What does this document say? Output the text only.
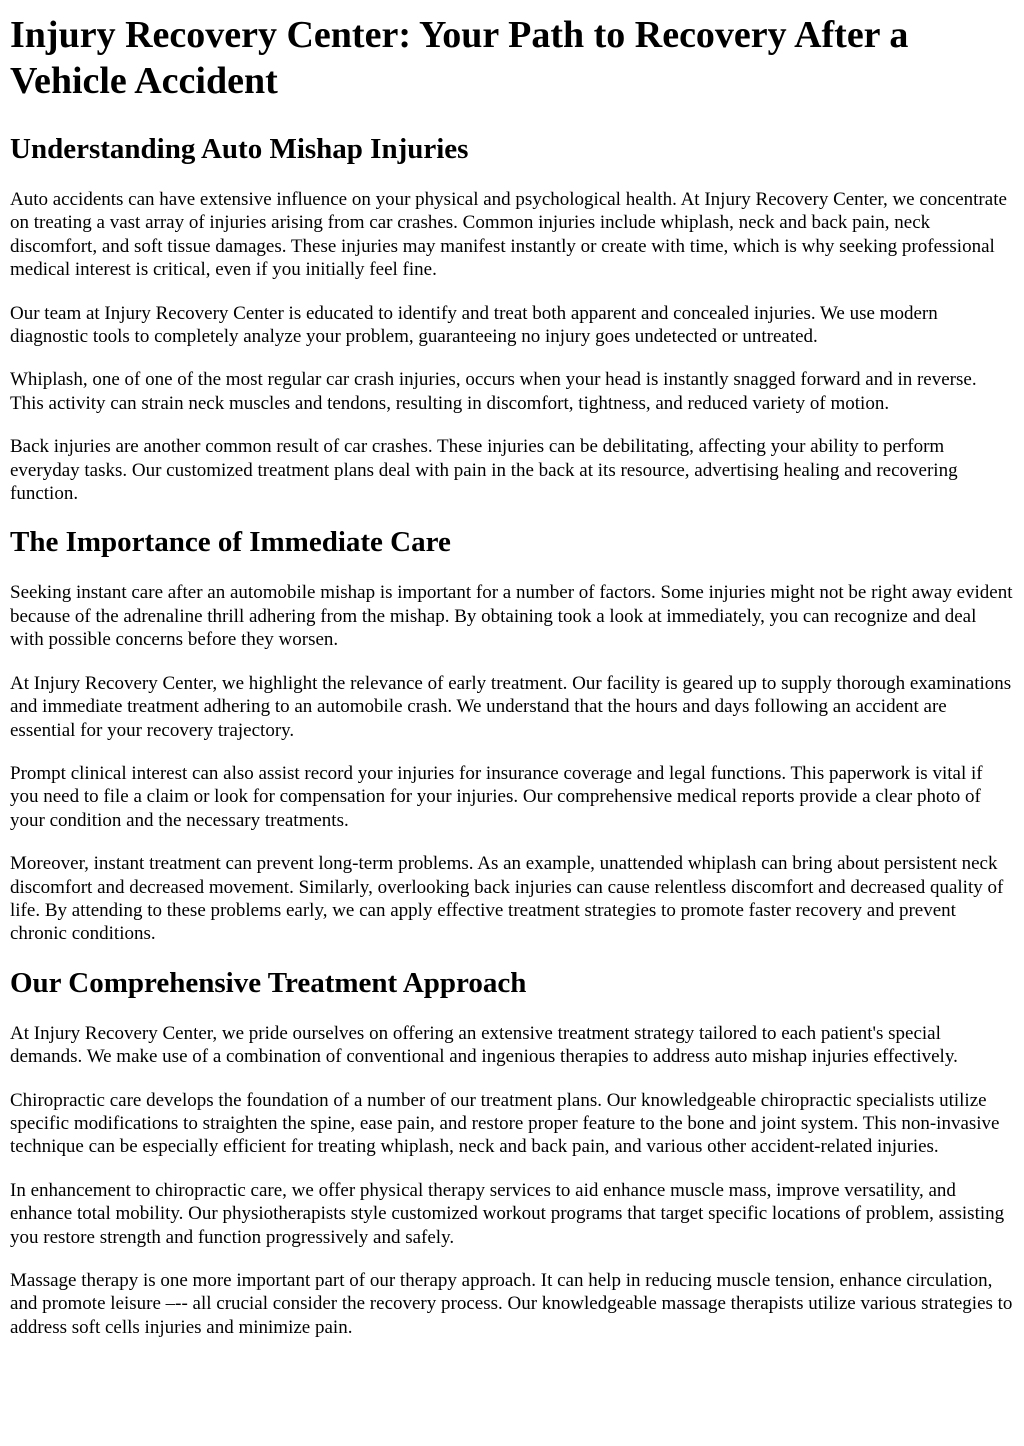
Injury Recovery Center: Your Path to Recovery After a Vehicle Accident
Understanding Auto Mishap Injuries

Auto accidents can have extensive influence on your physical and psychological health. At Injury Recovery Center, we concentrate on treating a vast array of injuries arising from car crashes. Common injuries include whiplash, neck and back pain, neck discomfort, and soft tissue damages. These injuries may manifest instantly or create with time, which is why seeking professional medical interest is critical, even if you initially feel fine.

Our team at Injury Recovery Center is educated to identify and treat both apparent and concealed injuries. We use modern diagnostic tools to completely analyze your problem, guaranteeing no injury goes undetected or untreated.

Whiplash, one of one of the most regular car crash injuries, occurs when your head is instantly snagged forward and in reverse. This activity can strain neck muscles and tendons, resulting in discomfort, tightness, and reduced variety of motion.

Back injuries are another common result of car crashes. These injuries can be debilitating, affecting your ability to perform everyday tasks. Our customized treatment plans deal with pain in the back at its resource, advertising healing and recovering function.

The Importance of Immediate Care

Seeking instant care after an automobile mishap is important for a number of factors. Some injuries might not be right away evident because of the adrenaline thrill adhering from the mishap. By obtaining took a look at immediately, you can recognize and deal with possible concerns before they worsen.

At Injury Recovery Center, we highlight the relevance of early treatment. Our facility is geared up to supply thorough examinations and immediate treatment adhering to an automobile crash. We understand that the hours and days following an accident are essential for your recovery trajectory.

Prompt clinical interest can also assist record your injuries for insurance coverage and legal functions. This paperwork is vital if you need to file a claim or look for compensation for your injuries. Our comprehensive medical reports provide a clear photo of your condition and the necessary treatments.

Moreover, instant treatment can prevent long-term problems. As an example, unattended whiplash can bring about persistent neck discomfort and decreased movement. Similarly, overlooking back injuries can cause relentless discomfort and decreased quality of life. By attending to these problems early, we can apply effective treatment strategies to promote faster recovery and prevent chronic conditions.

Our Comprehensive Treatment Approach

At Injury Recovery Center, we pride ourselves on offering an extensive treatment strategy tailored to each patient's special demands. We make use of a combination of conventional and ingenious therapies to address auto mishap injuries effectively.

Chiropractic care develops the foundation of a number of our treatment plans. Our knowledgeable chiropractic specialists utilize specific modifications to straighten the spine, ease pain, and restore proper feature to the bone and joint system. This non-invasive technique can be especially efficient for treating whiplash, neck and back pain, and various other accident-related injuries.

In enhancement to chiropractic care, we offer physical therapy services to aid enhance muscle mass, improve versatility, and enhance total mobility. Our physiotherapists style customized workout programs that target specific locations of problem, assisting you restore strength and function progressively and safely.

Massage therapy is one more important part of our therapy approach. It can help in reducing muscle tension, enhance circulation, and promote leisure –-- all crucial consider the recovery process. Our knowledgeable massage therapists utilize various strategies to address soft cells injuries and minimize pain.
